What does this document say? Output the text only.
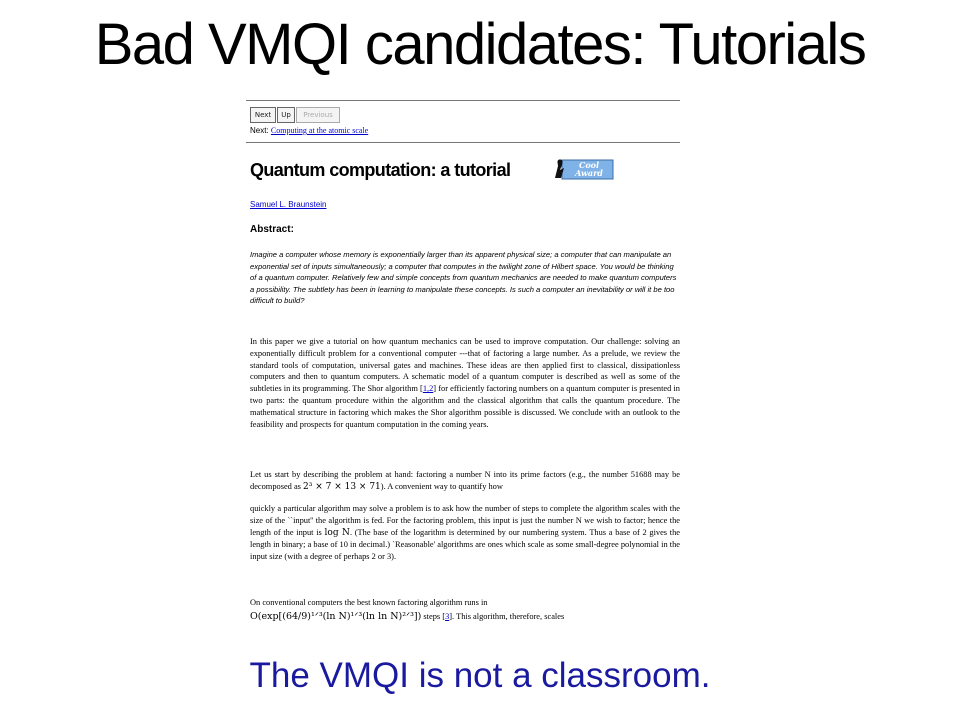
Bad VMQI candidates: Tutorials
Next	Up	Previous
Next: Computing at the atomic scale
Quantum computation: a tutorial	Cool
Award
Samuel L. Braunstein
Abstract:
Imagine a computer whose memory is exponentially larger than its apparent physical size; a computer that can manipulate an exponential set of inputs simultaneously; a computer that computes in the twilight zone of Hilbert space. You would be thinking of a quantum computer. Relatively few and simple concepts from quantum mechanics are needed to make quantum computers a possibility. The subtlety has been in learning to manipulate these concepts. Is such a computer an inevitability or will it be too difficult to build?
In this paper we give a tutorial on how quantum mechanics can be used to improve computation. Our challenge: solving an exponentially difficult problem for a conventional computer ---that of factoring a large number. As a prelude, we review the standard tools of computation, universal gates and machines. These ideas are then applied first to classical, dissipationless computers and then to quantum computers. A schematic model of a quantum computer is described as well as some of the subtleties in its programming. The Shor algorithm [1,2] for efficiently factoring numbers on a quantum computer is presented in two parts: the quantum procedure within the algorithm and the classical algorithm that calls the quantum procedure. The mathematical structure in factoring which makes the Shor algorithm possible is discussed. We conclude with an outlook to the feasibility and prospects for quantum computation in the coming years.
Let us start by describing the problem at hand: factoring a number N into its prime factors (e.g., the number 51688 may be decomposed as 2³ × 7 × 13 × 71). A convenient way to quantify how
quickly a particular algorithm may solve a problem is to ask how the number of steps to complete the algorithm scales with the size of the ``input'' the algorithm is fed. For the factoring problem, this input is just the number N we wish to factor; hence the length of the input is log N. (The base of the logarithm is determined by our numbering system. Thus a base of 2 gives the length in binary; a base of 10 in decimal.) `Reasonable' algorithms are ones which scale as some small-degree polynomial in the input size (with a degree of perhaps 2 or 3).
On conventional computers the best known factoring algorithm runs in
O(exp[(64/9)¹ᐟ³(ln N)¹ᐟ³(ln ln N)²ᐟ³]) steps [3]. This algorithm, therefore, scales
The VMQI is not a classroom.
